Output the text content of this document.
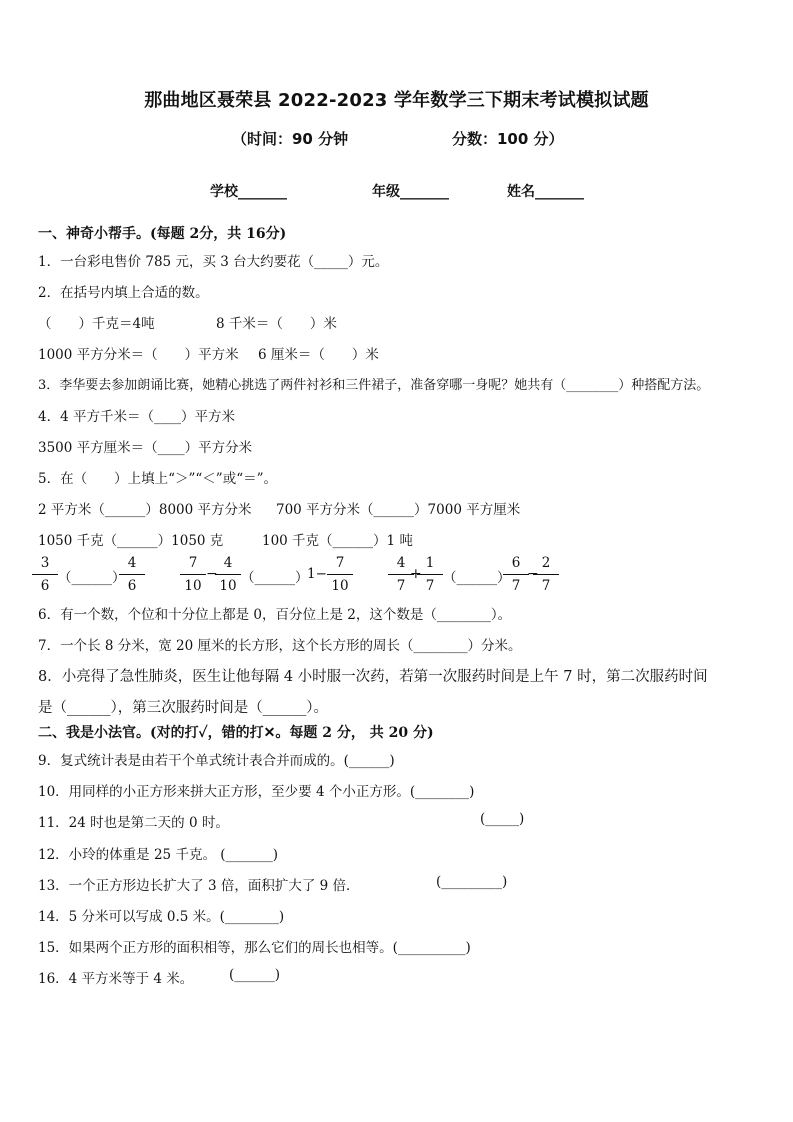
那曲地区聂荣县 2022-2023 学年数学三下期末考试模拟试题
（时间：90 分钟	分数：100 分）
学校_______	年级_______	姓名_______
一、神奇小帮手。(每题 2分，共 16分)
1．一台彩电售价 785 元，买 3 台大约要花（_____）元。
2．在括号内填上合适的数。
（　　）千克＝4吨	8 千米＝（　　）米
1000 平方分米＝（　　）平方米 6 厘米＝（　　）米
3．李华要去参加朗诵比赛，她精心挑选了两件衬衫和三件裙子，准备穿哪一身呢？她共有（________）种搭配方法。
4．4 平方千米＝（____）平方米
3500 平方厘米＝（____）平方分米
5．在（　　）上填上“＞”“＜”或“＝”。
2 平方米（______）8000 平方分米 700 平方分米（______）7000 平方厘米
1050 千克（______）1050 克	100 千克（______）1 吨
$\frac{3}{6}$ （______）
$\frac{4}{6}$	$\frac{7}{10}$ −
$\frac{4}{10}$ （______）
$1- \frac{7}{10}$	$\frac{4}{7}$
+
$\frac{1}{7}$ （______）
$\frac{6}{7}$
−
$\frac{2}{7}$
6．有一个数，个位和十分位上都是 0，百分位上是 2，这个数是（________）。
7．一个长 8 分米，宽 20 厘米的长方形，这个长方形的周长（________）分米。
8．小亮得了急性肺炎，医生让他每隔 4 小时服一次药，若第一次服药时间是上午 7 时，第二次服药时间
是（______），第三次服药时间是（______）。
二、我是小法官。(对的打✓，错的打✕。每题 2 分， 共 20 分)
9．复式统计表是由若干个单式统计表合并而成的。(______)
10．用同样的小正方形来拼大正方形，至少要 4 个小正方形。(________)
11．24 时也是第二天的 0 时。	(_____)
12．小玲的体重是 25 千克。 (_______)
13．一个正方形边长扩大了 3 倍，面积扩大了 9 倍．	(_________)
14．5 分米可以写成 0.5 米。(________)
15．如果两个正方形的面积相等，那么它们的周长也相等。(__________)
16．4 平方米等于 4 米。	(______)
